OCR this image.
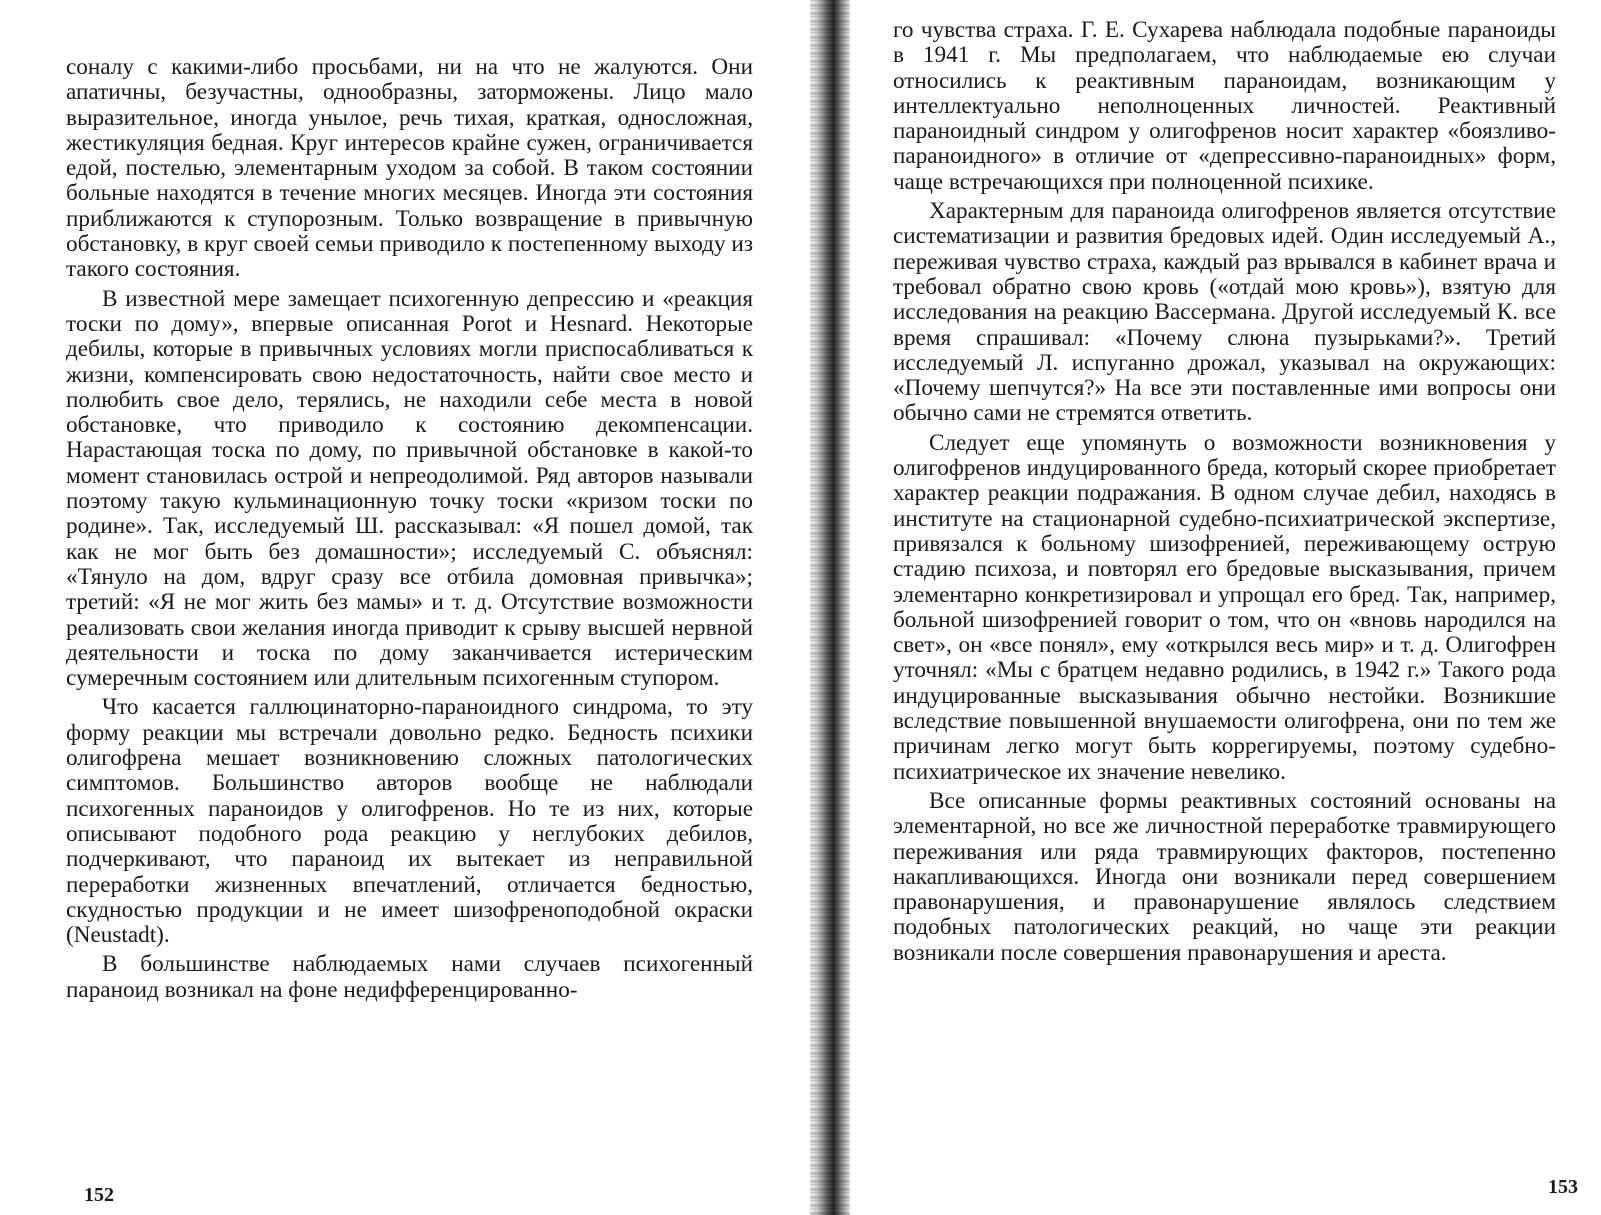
соналу с какими-либо просьбами, ни на что не жалуются. Они апатичны, безучастны, однообразны, заторможены. Лицо мало выразительное, иногда унылое, речь тихая, краткая, односложная, жестикуляция бедная. Круг интересов крайне сужен, ограничивается едой, постелью, элементарным уходом за собой. В таком состоянии больные находятся в течение многих месяцев. Иногда эти состояния приближаются к ступорозным. Только возвращение в привычную обстановку, в круг своей семьи приводило к постепенному выходу из такого состояния.

В известной мере замещает психогенную депрессию и «реакция тоски по дому», впервые описанная Porot и Hesnard. Некоторые дебилы, которые в привычных условиях могли приспосабливаться к жизни, компенсировать свою недостаточность, найти свое место и полюбить свое дело, терялись, не находили себе места в новой обстановке, что приводило к состоянию декомпенсации. Нарастающая тоска по дому, по привычной обстановке в какой-то момент становилась острой и непреодолимой. Ряд авторов называли поэтому такую кульминационную точку тоски «кризом тоски по родине». Так, исследуемый Ш. рассказывал: «Я пошел домой, так как не мог быть без домашности»; исследуемый С. объяснял: «Тянуло на дом, вдруг сразу все отбила домовная привычка»; третий: «Я не мог жить без мамы» и т. д. Отсутствие возможности реализовать свои желания иногда приводит к срыву высшей нервной деятельности и тоска по дому заканчивается истерическим сумеречным состоянием или длительным психогенным ступором.

Что касается галлюцинаторно-параноидного синдрома, то эту форму реакции мы встречали довольно редко. Бедность психики олигофрена мешает возникновению сложных патологических симптомов. Большинство авторов вообще не наблюдали психогенных параноидов у олигофренов. Но те из них, которые описывают подобного рода реакцию у неглубоких дебилов, подчеркивают, что параноид их вытекает из неправильной переработки жизненных впечатлений, отличается бедностью, скудностью продукции и не имеет шизофреноподобной окраски (Neustadt).

В большинстве наблюдаемых нами случаев психогенный параноид возникал на фоне недифференцированно-

152

го чувства страха. Г. Е. Сухарева наблюдала подобные параноиды в 1941 г. Мы предполагаем, что наблюдаемые ею случаи относились к реактивным параноидам, возникающим у интеллектуально неполноценных личностей. Реактивный параноидный синдром у олигофренов носит характер «боязливо-параноидного» в отличие от «депрессивно-параноидных» форм, чаще встречающихся при полноценной психике.

Характерным для параноида олигофренов является отсутствие систематизации и развития бредовых идей. Один исследуемый А., переживая чувство страха, каждый раз врывался в кабинет врача и требовал обратно свою кровь («отдай мою кровь»), взятую для исследования на реакцию Вассермана. Другой исследуемый К. все время спрашивал: «Почему слюна пузырьками?». Третий исследуемый Л. испуганно дрожал, указывал на окружающих: «Почему шепчутся?» На все эти поставленные ими вопросы они обычно сами не стремятся ответить.

Следует еще упомянуть о возможности возникновения у олигофренов индуцированного бреда, который скорее приобретает характер реакции подражания. В одном случае дебил, находясь в институте на стационарной судебно-психиатрической экспертизе, привязался к больному шизофренией, переживающему острую стадию психоза, и повторял его бредовые высказывания, причем элементарно конкретизировал и упрощал его бред. Так, например, больной шизофренией говорит о том, что он «вновь народился на свет», он «все понял», ему «открылся весь мир» и т. д. Олигофрен уточнял: «Мы с братцем недавно родились, в 1942 г.» Такого рода индуцированные высказывания обычно нестойки. Возникшие вследствие повышенной внушаемости олигофрена, они по тем же причинам легко могут быть коррегируемы, поэтому судебно-психиатрическое их значение невелико.

Все описанные формы реактивных состояний основаны на элементарной, но все же личностной переработке травмирующего переживания или ряда травмирующих факторов, постепенно накапливающихся. Иногда они возникали перед совершением правонарушения, и правонарушение являлось следствием подобных патологических реакций, но чаще эти реакции возникали после совершения правонарушения и ареста.

153
